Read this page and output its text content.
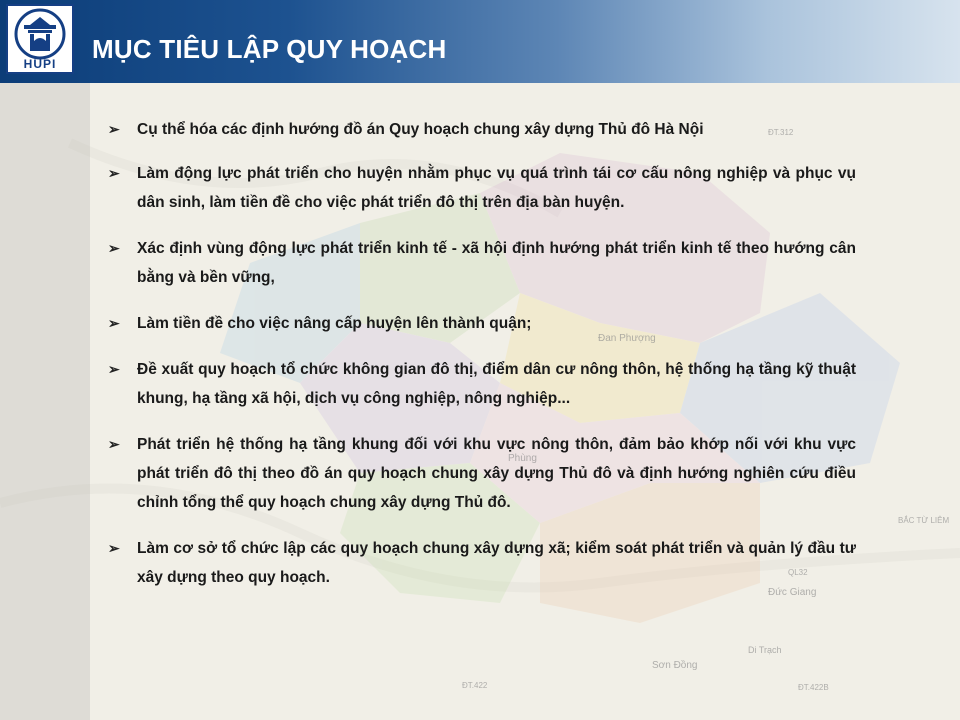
HUPI	MỤC TIÊU LẬP QUY HOẠCH
Đan Phượng
Phùng
BẮC TỪ LIÊM
Đức Giang
Sơn Đồng
Di Trạch
ĐT.422	ĐT.422B
ĐT.312
QL32
➢ Cụ thể hóa các định hướng đồ án Quy hoạch chung xây dựng Thủ đô Hà Nội
➢ Làm động lực phát triển cho huyện nhằm phục vụ quá trình tái cơ cấu nông nghiệp và phục vụ dân sinh, làm tiền đề cho việc phát triển đô thị trên địa bàn huyện.
➢ Xác định vùng động lực phát triển kinh tế - xã hội định hướng phát triển kinh tế theo hướng cân bằng và bền vững,
➢ Làm tiền đề cho việc nâng cấp huyện lên thành quận;
➢ Đề xuất quy hoạch tổ chức không gian đô thị, điểm dân cư nông thôn, hệ thống hạ tầng kỹ thuật khung, hạ tầng xã hội, dịch vụ công nghiệp, nông nghiệp...
➢ Phát triển hệ thống hạ tầng khung đối với khu vực nông thôn, đảm bảo khớp nối với khu vực phát triển đô thị theo đồ án quy hoạch chung xây dựng Thủ đô và định hướng nghiên cứu điều chỉnh tổng thể quy hoạch chung xây dựng Thủ đô.
➢ Làm cơ sở tổ chức lập các quy hoạch chung xây dựng xã; kiểm soát phát triển và quản lý đầu tư xây dựng theo quy hoạch.
